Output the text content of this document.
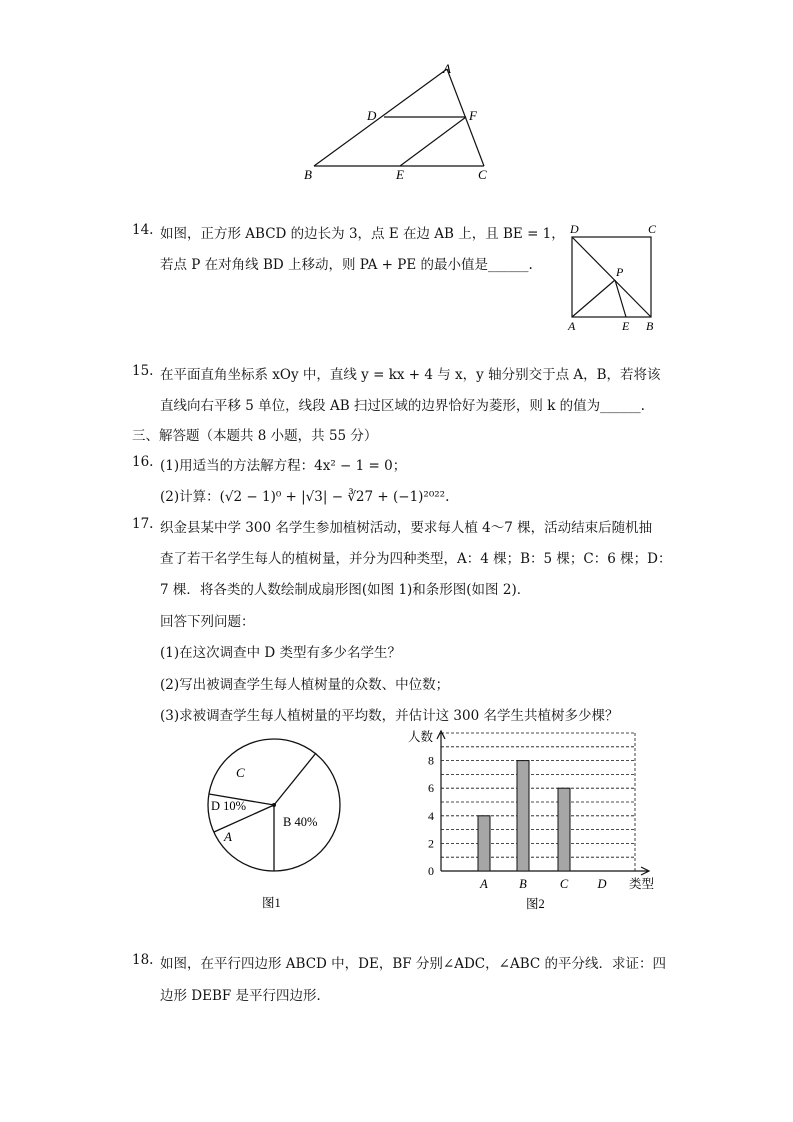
A
D	F
B	E	C
14. 如图，正方形 ABCD 的边长为 3，点 E 在边 AB 上，且 BE = 1，
若点 P 在对角线 BD 上移动，则 PA + PE 的最小值是______.
D	C
P
A	E B
15. 在平面直角坐标系 xOy 中，直线 y = kx + 4 与 x，y 轴分别交于点 A，B，若将该
直线向右平移 5 单位，线段 AB 扫过区域的边界恰好为菱形，则 k 的值为______.
三、解答题（本题共 8 小题，共 55 分）
16. (1)用适当的方法解方程：4x² − 1 = 0；
(2)计算：(√2 − 1)⁰ + |√3| − ∛27 + (−1)²⁰²².
17. 织金县某中学 300 名学生参加植树活动，要求每人植 4～7 棵，活动结束后随机抽
查了若干名学生每人的植树量，并分为四种类型，A：4 棵；B：5 棵；C：6 棵；D：
7 棵．将各类的人数绘制成扇形图(如图 1)和条形图(如图 2)．
回答下列问题：
(1)在这次调查中 D 类型有多少名学生？
(2)写出被调查学生每人植树量的众数、中位数；
(3)求被调查学生每人植树量的平均数，并估计这 300 名学生共植树多少棵？
C
D 10%
A
B 40%
图1
0
2
4
6
8
A	B	C D
人数
类型
图2
18. 如图，在平行四边形 ABCD 中，DE，BF 分别∠ADC，∠ABC 的平分线．求证：四
边形 DEBF 是平行四边形．
